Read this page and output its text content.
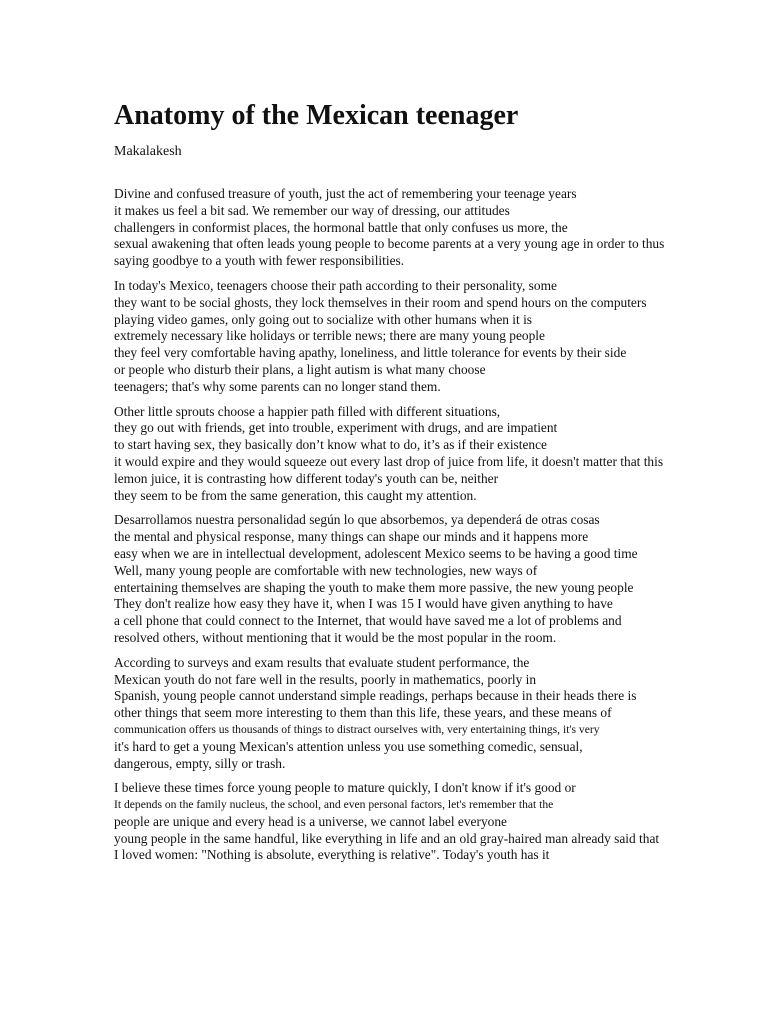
Anatomy of the Mexican teenager
Makalakesh
Divine and confused treasure of youth, just the act of remembering your teenage years
it makes us feel a bit sad. We remember our way of dressing, our attitudes
challengers in conformist places, the hormonal battle that only confuses us more, the
sexual awakening that often leads young people to become parents at a very young age in order to thus
saying goodbye to a youth with fewer responsibilities.
In today's Mexico, teenagers choose their path according to their personality, some
they want to be social ghosts, they lock themselves in their room and spend hours on the computers
playing video games, only going out to socialize with other humans when it is
extremely necessary like holidays or terrible news; there are many young people
they feel very comfortable having apathy, loneliness, and little tolerance for events by their side
or people who disturb their plans, a light autism is what many choose
teenagers; that's why some parents can no longer stand them.
Other little sprouts choose a happier path filled with different situations,
they go out with friends, get into trouble, experiment with drugs, and are impatient
to start having sex, they basically don’t know what to do, it’s as if their existence
it would expire and they would squeeze out every last drop of juice from life, it doesn't matter that this
lemon juice, it is contrasting how different today's youth can be, neither
they seem to be from the same generation, this caught my attention.
Desarrollamos nuestra personalidad según lo que absorbemos, ya dependerá de otras cosas
the mental and physical response, many things can shape our minds and it happens more
easy when we are in intellectual development, adolescent Mexico seems to be having a good time
Well, many young people are comfortable with new technologies, new ways of
entertaining themselves are shaping the youth to make them more passive, the new young people
They don't realize how easy they have it, when I was 15 I would have given anything to have
a cell phone that could connect to the Internet, that would have saved me a lot of problems and
resolved others, without mentioning that it would be the most popular in the room.
According to surveys and exam results that evaluate student performance, the
Mexican youth do not fare well in the results, poorly in mathematics, poorly in
Spanish, young people cannot understand simple readings, perhaps because in their heads there is
other things that seem more interesting to them than this life, these years, and these means of
communication offers us thousands of things to distract ourselves with, very entertaining things, it's very
it's hard to get a young Mexican's attention unless you use something comedic, sensual,
dangerous, empty, silly or trash.
I believe these times force young people to mature quickly, I don't know if it's good or
It depends on the family nucleus, the school, and even personal factors, let's remember that the
people are unique and every head is a universe, we cannot label everyone
young people in the same handful, like everything in life and an old gray-haired man already said that
I loved women: "Nothing is absolute, everything is relative". Today's youth has it
